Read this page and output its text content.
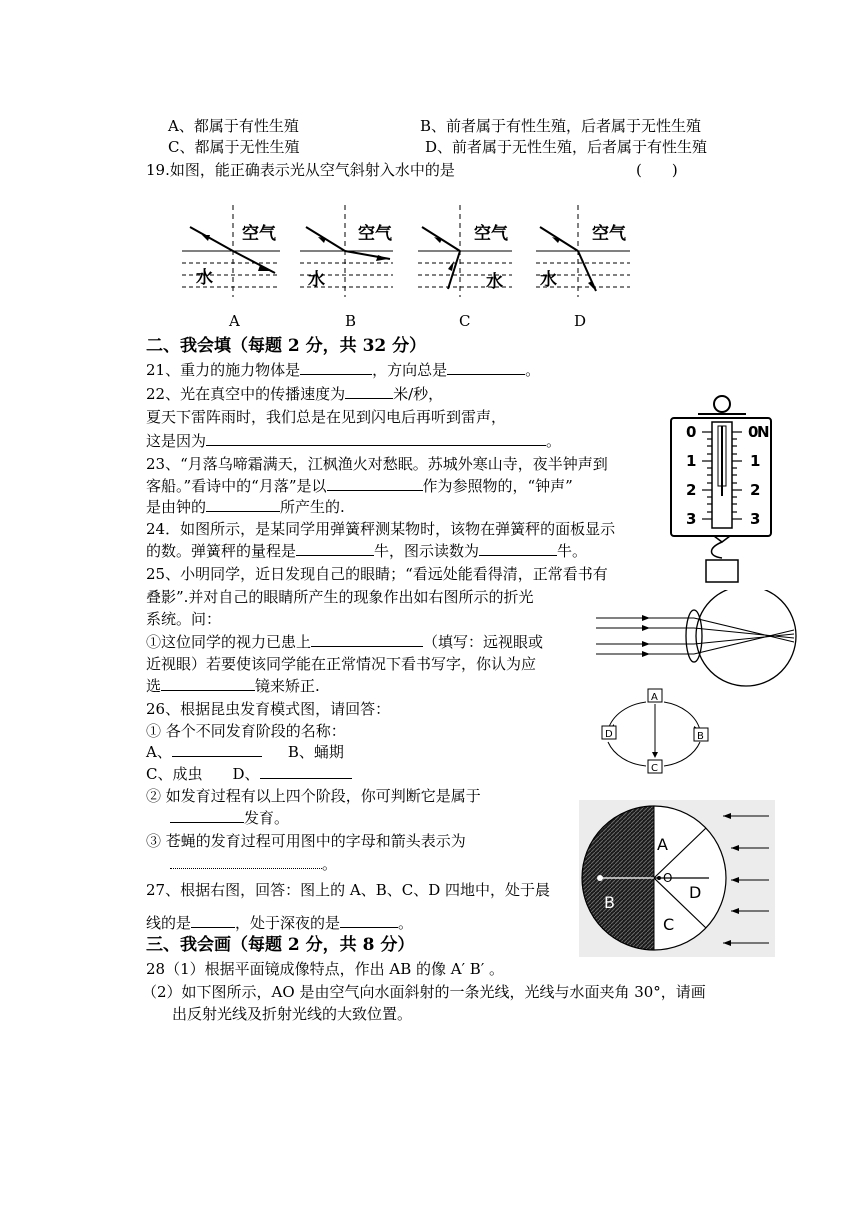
A、都属于有性生殖	B、前者属于有性生殖，后者属于无性生殖
C、都属于无性生殖	D、前者属于无性生殖，后者属于有性生殖
19.如图，能正确表示光从空气斜射入水中的是	(　　)
空气
水
空气
水
空气
水
空气
水
A	B	C	D
二、我会填（每题 2 分，共 32 分）
21、重力的施力物体是	，方向总是	。
22、光在真空中的传播速度为	米/秒，
夏天下雷阵雨时，我们总是在见到闪电后再听到雷声，
这是因为	。	0
1
2
3
0
N
1
2
3
23、“月落乌啼霜满天，江枫渔火对愁眠。苏城外寒山寺，夜半钟声到
客船。”看诗中的“月落”是以	作为参照物的，“钟声”
是由钟的	所产生的.
24．如图所示，是某同学用弹簧秤测某物时，该物在弹簧秤的面板显示
的数。弹簧秤的量程是	牛，图示读数为	牛。
25、小明同学，近日发现自己的眼睛；“看远处能看得清，正常看书有
叠影”.并对自己的眼睛所产生的现象作出如右图所示的折光
系统。问：
①这位同学的视力已患上	（填写：远视眼或
近视眼）若要使该同学能在正常情况下看书写字，你认为应
选	镜来矫正.
26、根据昆虫发育模式图，请回答：
① 各个不同发育阶段的名称：
A、	B、蛹期
C、成虫 D、
② 如发育过程有以上四个阶段，你可判断它是属于
发育。
③ 苍蝇的发育过程可用图中的字母和箭头表示为
。
A
B
C
D
A
B
C
D
O
27、根据右图，回答：图上的 A、B、C、D 四地中，处于晨
线的是	，处于深夜的是	。
三、我会画（每题 2 分，共 8 分）
28（1）根据平面镜成像特点，作出 AB 的像 A′ B′ 。
（2）如下图所示，AO 是由空气向水面斜射的一条光线，光线与水面夹角 30°，请画
出反射光线及折射光线的大致位置。
